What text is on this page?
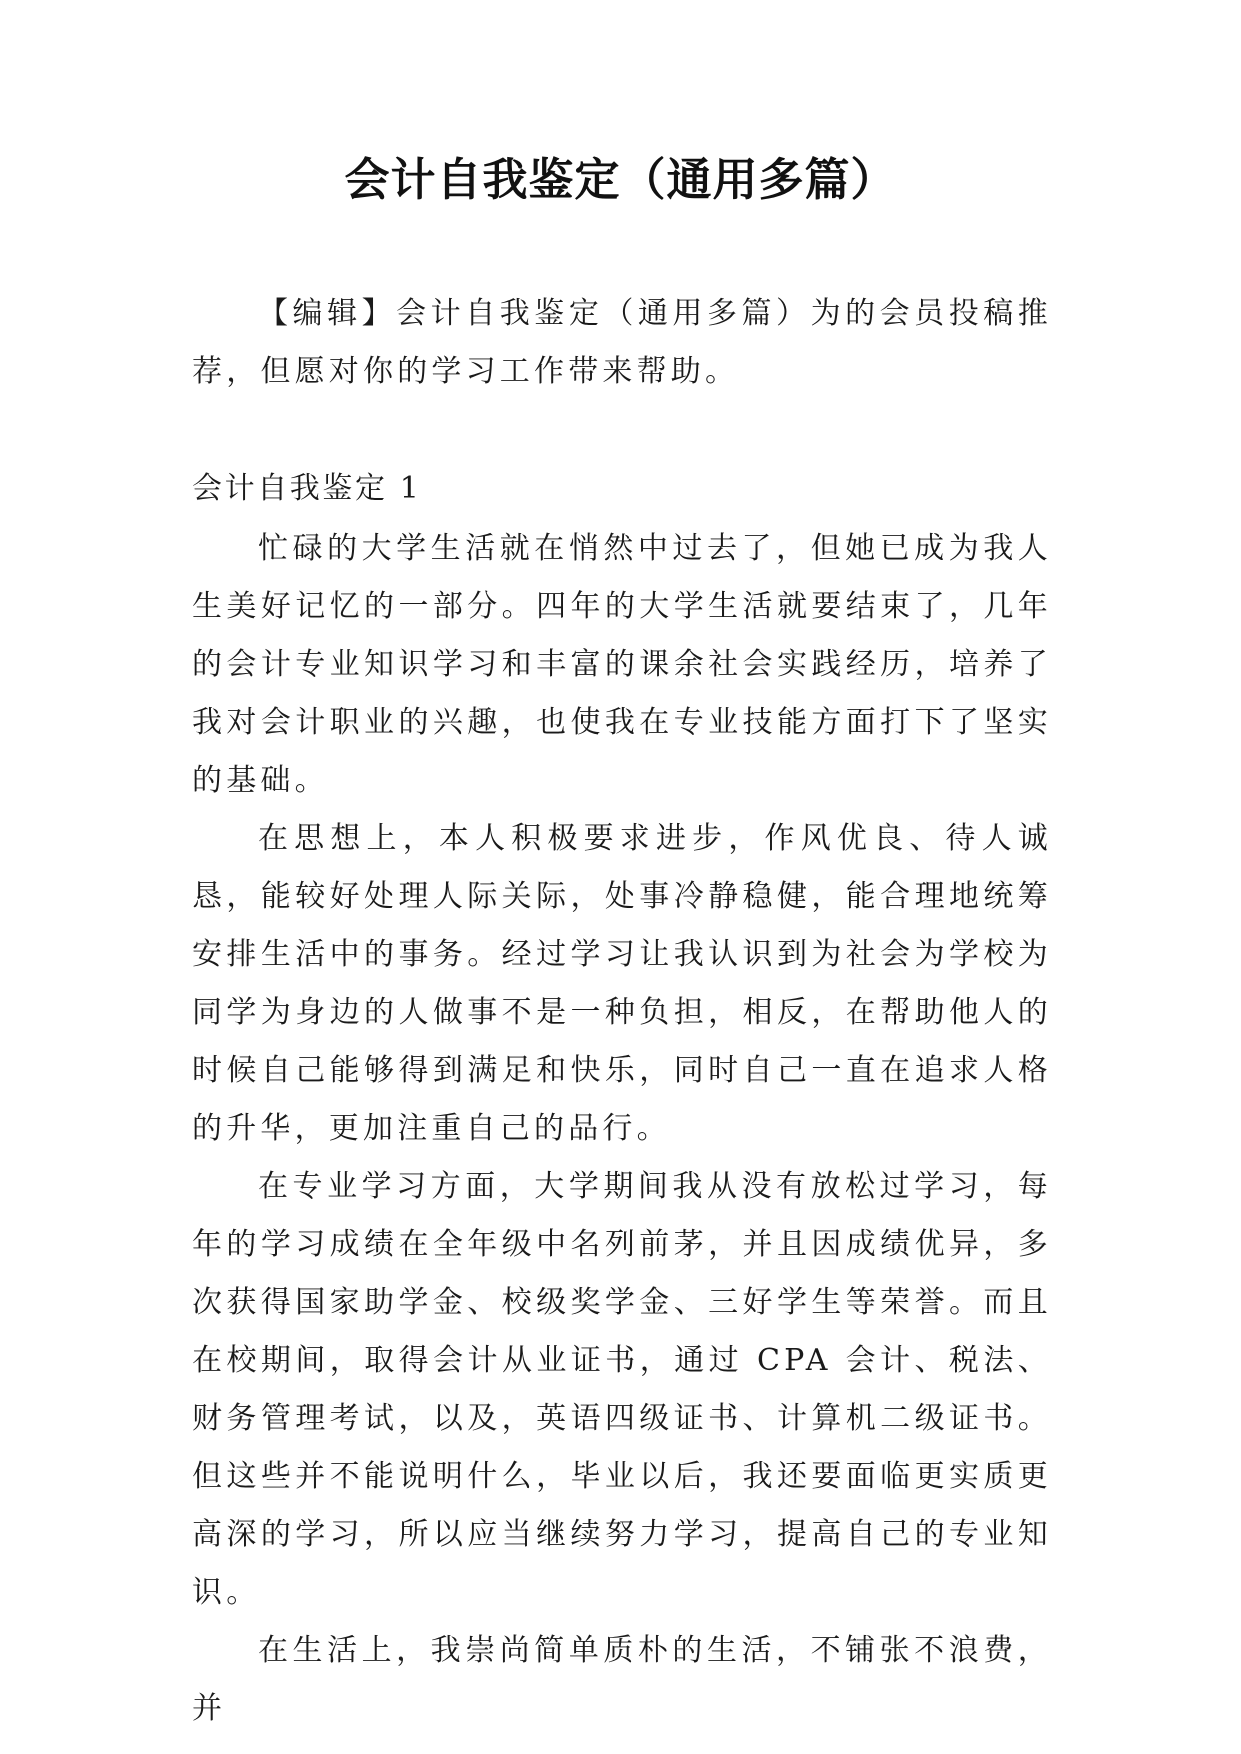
会计自我鉴定（通用多篇）
【编辑】会计自我鉴定（通用多篇）为的会员投稿推荐，但愿对你的学习工作带来帮助。
会计自我鉴定 1

忙碌的大学生活就在悄然中过去了，但她已成为我人生美好记忆的一部分。四年的大学生活就要结束了，几年的会计专业知识学习和丰富的课余社会实践经历，培养了我对会计职业的兴趣，也使我在专业技能方面打下了坚实的基础。

在思想上，本人积极要求进步，作风优良、待人诚恳，能较好处理人际关际，处事冷静稳健，能合理地统筹安排生活中的事务。经过学习让我认识到为社会为学校为同学为身边的人做事不是一种负担，相反，在帮助他人的时候自己能够得到满足和快乐，同时自己一直在追求人格的升华，更加注重自己的品行。

在专业学习方面，大学期间我从没有放松过学习，每年的学习成绩在全年级中名列前茅，并且因成绩优异，多次获得国家助学金、校级奖学金、三好学生等荣誉。而且在校期间，取得会计从业证书，通过 CPA 会计、税法、财务管理考试，以及，英语四级证书、计算机二级证书。但这些并不能说明什么，毕业以后，我还要面临更实质更高深的学习，所以应当继续努力学习，提高自己的专业知识。

在生活上，我崇尚简单质朴的生活，不铺张不浪费，并
